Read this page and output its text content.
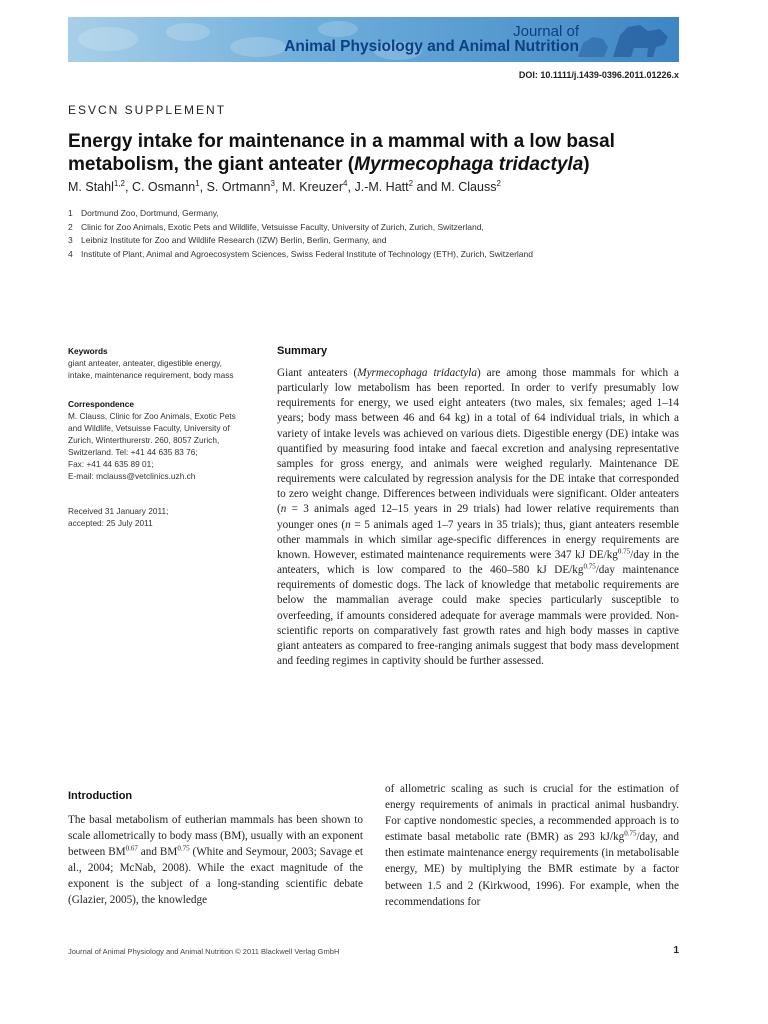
Journal of
Animal Physiology and Animal Nutrition
DOI: 10.1111/j.1439-0396.2011.01226.x
ESVCN SUPPLEMENT
Energy intake for maintenance in a mammal with a low basal
metabolism, the giant anteater (Myrmecophaga tridactyla)
M. Stahl$^{1,2}$, C. Osmann$^1$, S. Ortmann$^3$, M. Kreuzer$^4$, J.-M. Hatt$^2$ and M. Clauss$^2$
1 Dortmund Zoo, Dortmund, Germany,
2 Clinic for Zoo Animals, Exotic Pets and Wildlife, Vetsuisse Faculty, University of Zurich, Zurich, Switzerland,
3 Leibniz Institute for Zoo and Wildlife Research (IZW) Berlin, Berlin, Germany, and
4 Institute of Plant, Animal and Agroecosystem Sciences, Swiss Federal Institute of Technology (ETH), Zurich, Switzerland
Keywords
giant anteater, anteater, digestible energy,
intake, maintenance requirement, body mass
Correspondence
M. Clauss, Clinic for Zoo Animals, Exotic Pets
and Wildlife, Vetsuisse Faculty, University of
Zurich, Winterthurerstr. 260, 8057 Zurich,
Switzerland. Tel: +41 44 635 83 76;
Fax: +41 44 635 89 01;
E-mail: mclauss@vetclinics.uzh.ch
Received 31 January 2011;
accepted: 25 July 2011
Summary

Giant anteaters (Myrmecophaga tridactyla) are among those mammals for which a particularly low metabolism has been reported. In order to verify presumably low requirements for energy, we used eight anteaters (two males, six females; aged 1–14 years; body mass between 46 and 64 kg) in a total of 64 individual trials, in which a variety of intake levels was achieved on various diets. Digestible energy (DE) intake was quantified by measuring food intake and faecal excretion and analysing representative samples for gross energy, and animals were weighed regularly. Maintenance DE requirements were calculated by regression analysis for the DE intake that corresponded to zero weight change. Differences between individuals were significant. Older anteaters (n = 3 animals aged 12–15 years in 29 trials) had lower relative requirements than younger ones (n = 5 animals aged 1–7 years in 35 trials); thus, giant anteaters resemble other mammals in which similar age-specific differences in energy requirements are known. However, estimated maintenance requirements were 347 kJ $DE/kg^{0.75}$/day in the anteaters, which is low compared to the 460–580 kJ $DE/kg^{0.75}$/day maintenance requirements of domestic dogs. The lack of knowledge that metabolic requirements are below the mammalian average could make species particularly susceptible to overfeeding, if amounts considered adequate for average mammals were provided. Non-scientific reports on comparatively fast growth rates and high body masses in captive giant anteaters as compared to free-ranging animals suggest that body mass development and feeding regimes in captivity should be further assessed.

Introduction

The basal metabolism of eutherian mammals has been shown to scale allometrically to body mass (BM), usually with an exponent between $BM^{0.67}$ and $BM^{0.75}$ (White and Seymour, 2003; Savage et al., 2004; McNab, 2008). While the exact magnitude of the exponent is the subject of a long-standing scientific debate (Glazier, 2005), the knowledge

of allometric scaling as such is crucial for the estimation of energy requirements of animals in practical animal husbandry. For captive nondomestic species, a recommended approach is to estimate basal metabolic rate (BMR) as 293 $kJ/kg^{0.75}$/day, and then estimate maintenance energy requirements (in metabolisable energy, ME) by multiplying the BMR estimate by a factor between 1.5 and 2 (Kirkwood, 1996). For example, when the recommendations for

Journal of Animal Physiology and Animal Nutrition © 2011 Blackwell Verlag GmbH	1
